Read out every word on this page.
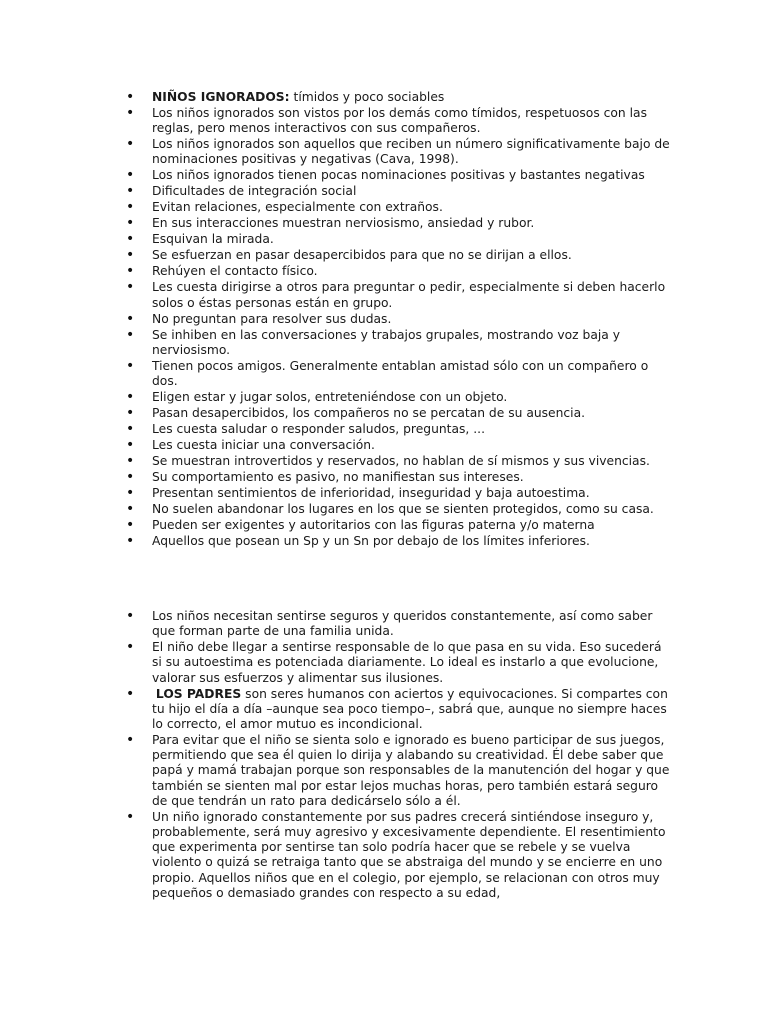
• NIÑOS IGNORADOS: tímidos y poco sociables
• Los niños ignorados son vistos por los demás como tímidos, respetuosos con las reglas, pero menos interactivos con sus compañeros.
• Los niños ignorados son aquellos que reciben un número significativamente bajo de nominaciones positivas y negativas (Cava, 1998).
• Los niños ignorados tienen pocas nominaciones positivas y bastantes negativas
• Dificultades de integración social
• Evitan relaciones, especialmente con extraños.
• En sus interacciones muestran nerviosismo, ansiedad y rubor.
• Esquivan la mirada.
• Se esfuerzan en pasar desapercibidos para que no se dirijan a ellos.
• Rehúyen el contacto físico.
• Les cuesta dirigirse a otros para preguntar o pedir, especialmente si deben hacerlo solos o éstas personas están en grupo.
• No preguntan para resolver sus dudas.
• Se inhiben en las conversaciones y trabajos grupales, mostrando voz baja y nerviosismo.
• Tienen pocos amigos. Generalmente entablan amistad sólo con un compañero o dos.
• Eligen estar y jugar solos, entreteniéndose con un objeto.
• Pasan desapercibidos, los compañeros no se percatan de su ausencia.
• Les cuesta saludar o responder saludos, preguntas, ...
• Les cuesta iniciar una conversación.
• Se muestran introvertidos y reservados, no hablan de sí mismos y sus vivencias.
• Su comportamiento es pasivo, no manifiestan sus intereses.
• Presentan sentimientos de inferioridad, inseguridad y baja autoestima.
• No suelen abandonar los lugares en los que se sienten protegidos, como su casa.
• Pueden ser exigentes y autoritarios con las figuras paterna y/o materna
• Aquellos que posean un Sp y un Sn por debajo de los límites inferiores.
• Los niños necesitan sentirse seguros y queridos constantemente, así como saber que forman parte de una familia unida.
• El niño debe llegar a sentirse responsable de lo que pasa en su vida. Eso sucederá si su autoestima es potenciada diariamente. Lo ideal es instarlo a que evolucione, valorar sus esfuerzos y alimentar sus ilusiones.
• LOS PADRES son seres humanos con aciertos y equivocaciones. Si compartes con tu hijo el día a día –aunque sea poco tiempo–, sabrá que, aunque no siempre haces lo correcto, el amor mutuo es incondicional.
• Para evitar que el niño se sienta solo e ignorado es bueno participar de sus juegos, permitiendo que sea él quien lo dirija y alabando su creatividad. Él debe saber que papá y mamá trabajan porque son responsables de la manutención del hogar y que también se sienten mal por estar lejos muchas horas, pero también estará seguro de que tendrán un rato para dedicárselo sólo a él.
• Un niño ignorado constantemente por sus padres crecerá sintiéndose inseguro y, probablemente, será muy agresivo y excesivamente dependiente. El resentimiento que experimenta por sentirse tan solo podría hacer que se rebele y se vuelva violento o quizá se retraiga tanto que se abstraiga del mundo y se encierre en uno propio. Aquellos niños que en el colegio, por ejemplo, se relacionan con otros muy pequeños o demasiado grandes con respecto a su edad,
